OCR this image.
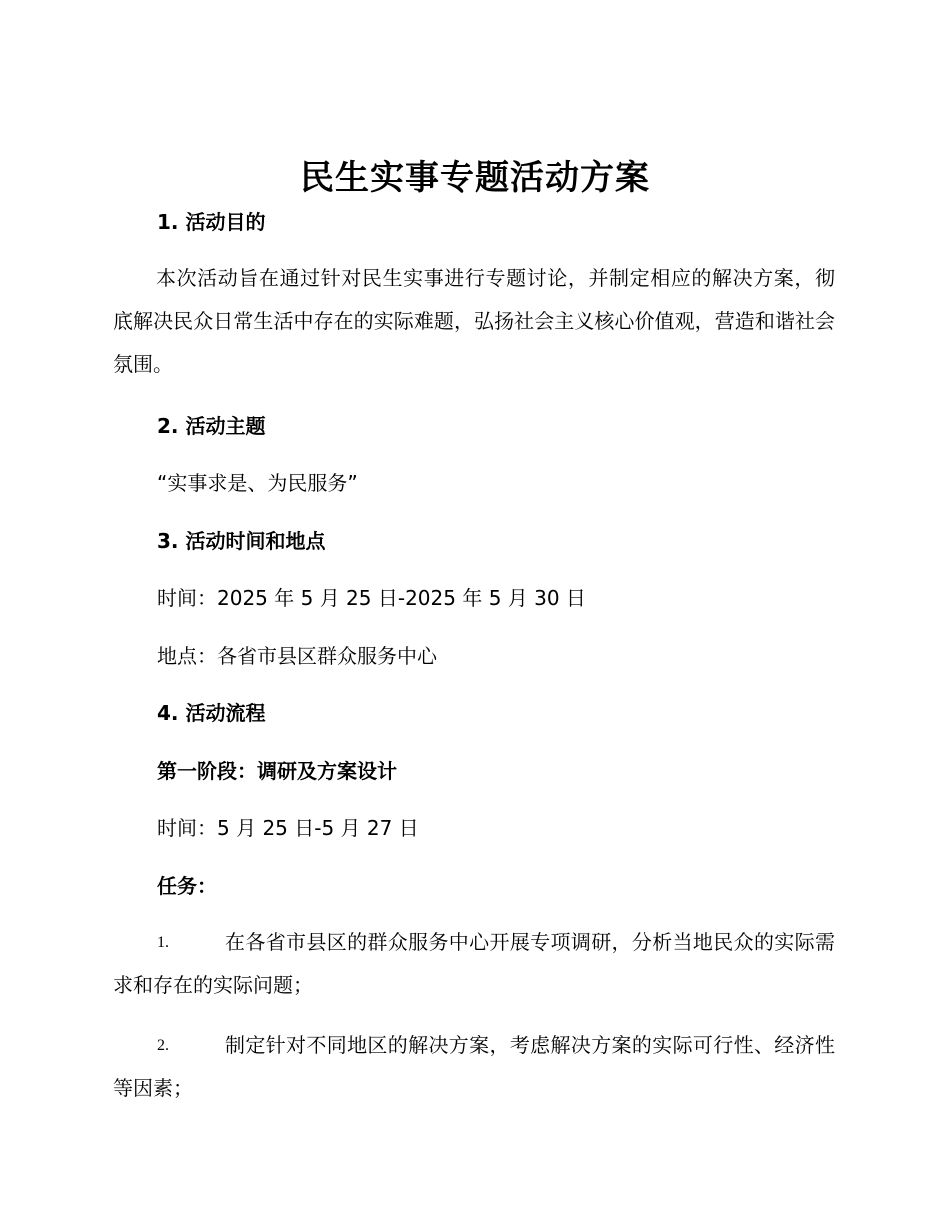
民生实事专题活动方案
1. 活动目的
本次活动旨在通过针对民生实事进行专题讨论，并制定相应的解决方案，彻底解决民众日常生活中存在的实际难题，弘扬社会主义核心价值观，营造和谐社会氛围。
2. 活动主题
“实事求是、为民服务”
3. 活动时间和地点
时间：2025 年 5 月 25 日-2025 年 5 月 30 日
地点：各省市县区群众服务中心
4. 活动流程
第一阶段：调研及方案设计
时间：5 月 25 日-5 月 27 日
任务：
1.	在各省市县区的群众服务中心开展专项调研，分析当地民众的实际需求和存在的实际问题；
2.	制定针对不同地区的解决方案，考虑解决方案的实际可行性、经济性等因素；
